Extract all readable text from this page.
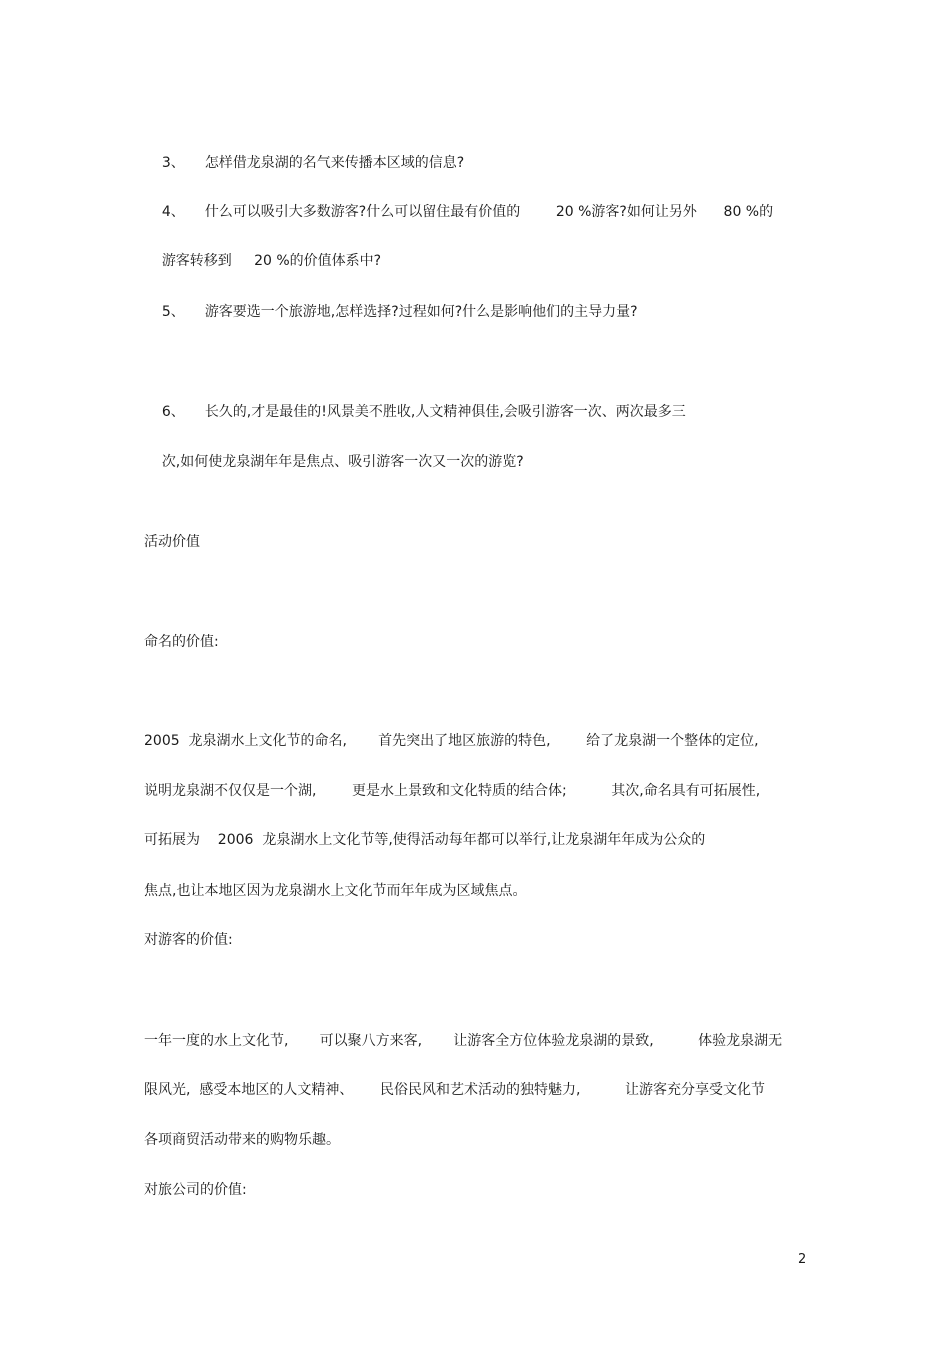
3、 怎样借龙泉湖的名气来传播本区域的信息?

4、 什么可以吸引大多数游客?什么可以留住最有价值的        20 %游客?如何让另外      80 %的

游客转移到     20 %的价值体系中?

5、 游客要选一个旅游地,怎样选择?过程如何?什么是影响他们的主导力量?

6、 长久的,才是最佳的!风景美不胜收,人文精神俱佳,会吸引游客一次、两次最多三

次,如何使龙泉湖年年是焦点、吸引游客一次又一次的游览?

活动价值
命名的价值:
2005  龙泉湖水上文化节的命名,       首先突出了地区旅游的特色,        给了龙泉湖一个整体的定位,
说明龙泉湖不仅仅是一个湖,        更是水上景致和文化特质的结合体;          其次,命名具有可拓展性,
可拓展为    2006  龙泉湖水上文化节等,使得活动每年都可以举行,让龙泉湖年年成为公众的
焦点,也让本地区因为龙泉湖水上文化节而年年成为区域焦点。
对游客的价值:
一年一度的水上文化节,       可以聚八方来客,       让游客全方位体验龙泉湖的景致,          体验龙泉湖无
限风光,  感受本地区的人文精神、      民俗民风和艺术活动的独特魅力,          让游客充分享受文化节
各项商贸活动带来的购物乐趣。
对旅公司的价值:
2
